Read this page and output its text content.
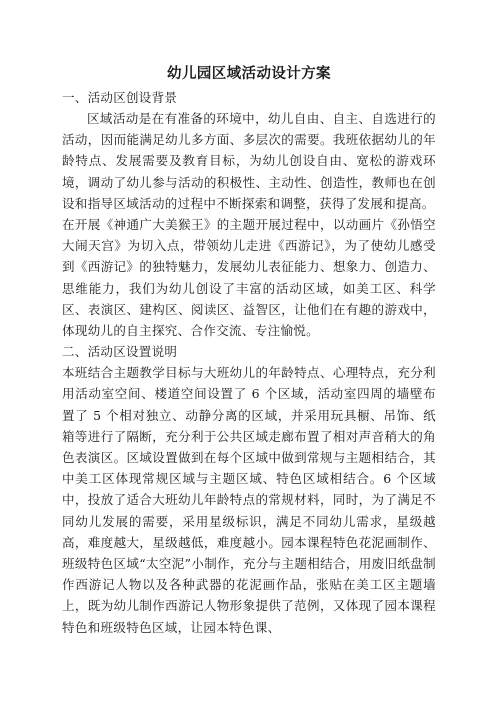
幼儿园区域活动设计方案

一、活动区创设背景

区域活动是在有准备的环境中，幼儿自由、自主、自选进行的活动，因而能满足幼儿多方面、多层次的需要。我班依据幼儿的年龄特点、发展需要及教育目标，为幼儿创设自由、宽松的游戏环境，调动了幼儿参与活动的积极性、主动性、创造性，教师也在创设和指导区域活动的过程中不断探索和调整，获得了发展和提高。

在开展《神通广大美猴王》的主题开展过程中，以动画片《孙悟空大闹天宫》为切入点，带领幼儿走进《西游记》，为了使幼儿感受到《西游记》的独特魅力，发展幼儿表征能力、想象力、创造力、思维能力，我们为幼儿创设了丰富的活动区域，如美工区、科学区、表演区、建构区、阅读区、益智区，让他们在有趣的游戏中，体现幼儿的自主探究、合作交流、专注愉悦。

二、活动区设置说明

本班结合主题教学目标与大班幼儿的年龄特点、心理特点，充分利用活动室空间、楼道空间设置了 6 个区域，活动室四周的墙壁布置了 5 个相对独立、动静分离的区域，并采用玩具橱、吊饰、纸箱等进行了隔断，充分利于公共区域走廊布置了相对声音稍大的角色表演区。区域设置做到在每个区域中做到常规与主题相结合，其中美工区体现常规区域与主题区域、特色区域相结合。6 个区域中，投放了适合大班幼儿年龄特点的常规材料，同时，为了满足不同幼儿发展的需要，采用星级标识，满足不同幼儿需求，星级越高，难度越大，星级越低，难度越小。园本课程特色花泥画制作、班级特色区域“太空泥”小制作，充分与主题相结合，用废旧纸盘制作西游记人物以及各种武器的花泥画作品，张贴在美工区主题墙上，既为幼儿制作西游记人物形象提供了范例，又体现了园本课程特色和班级特色区域，让园本特色课、
